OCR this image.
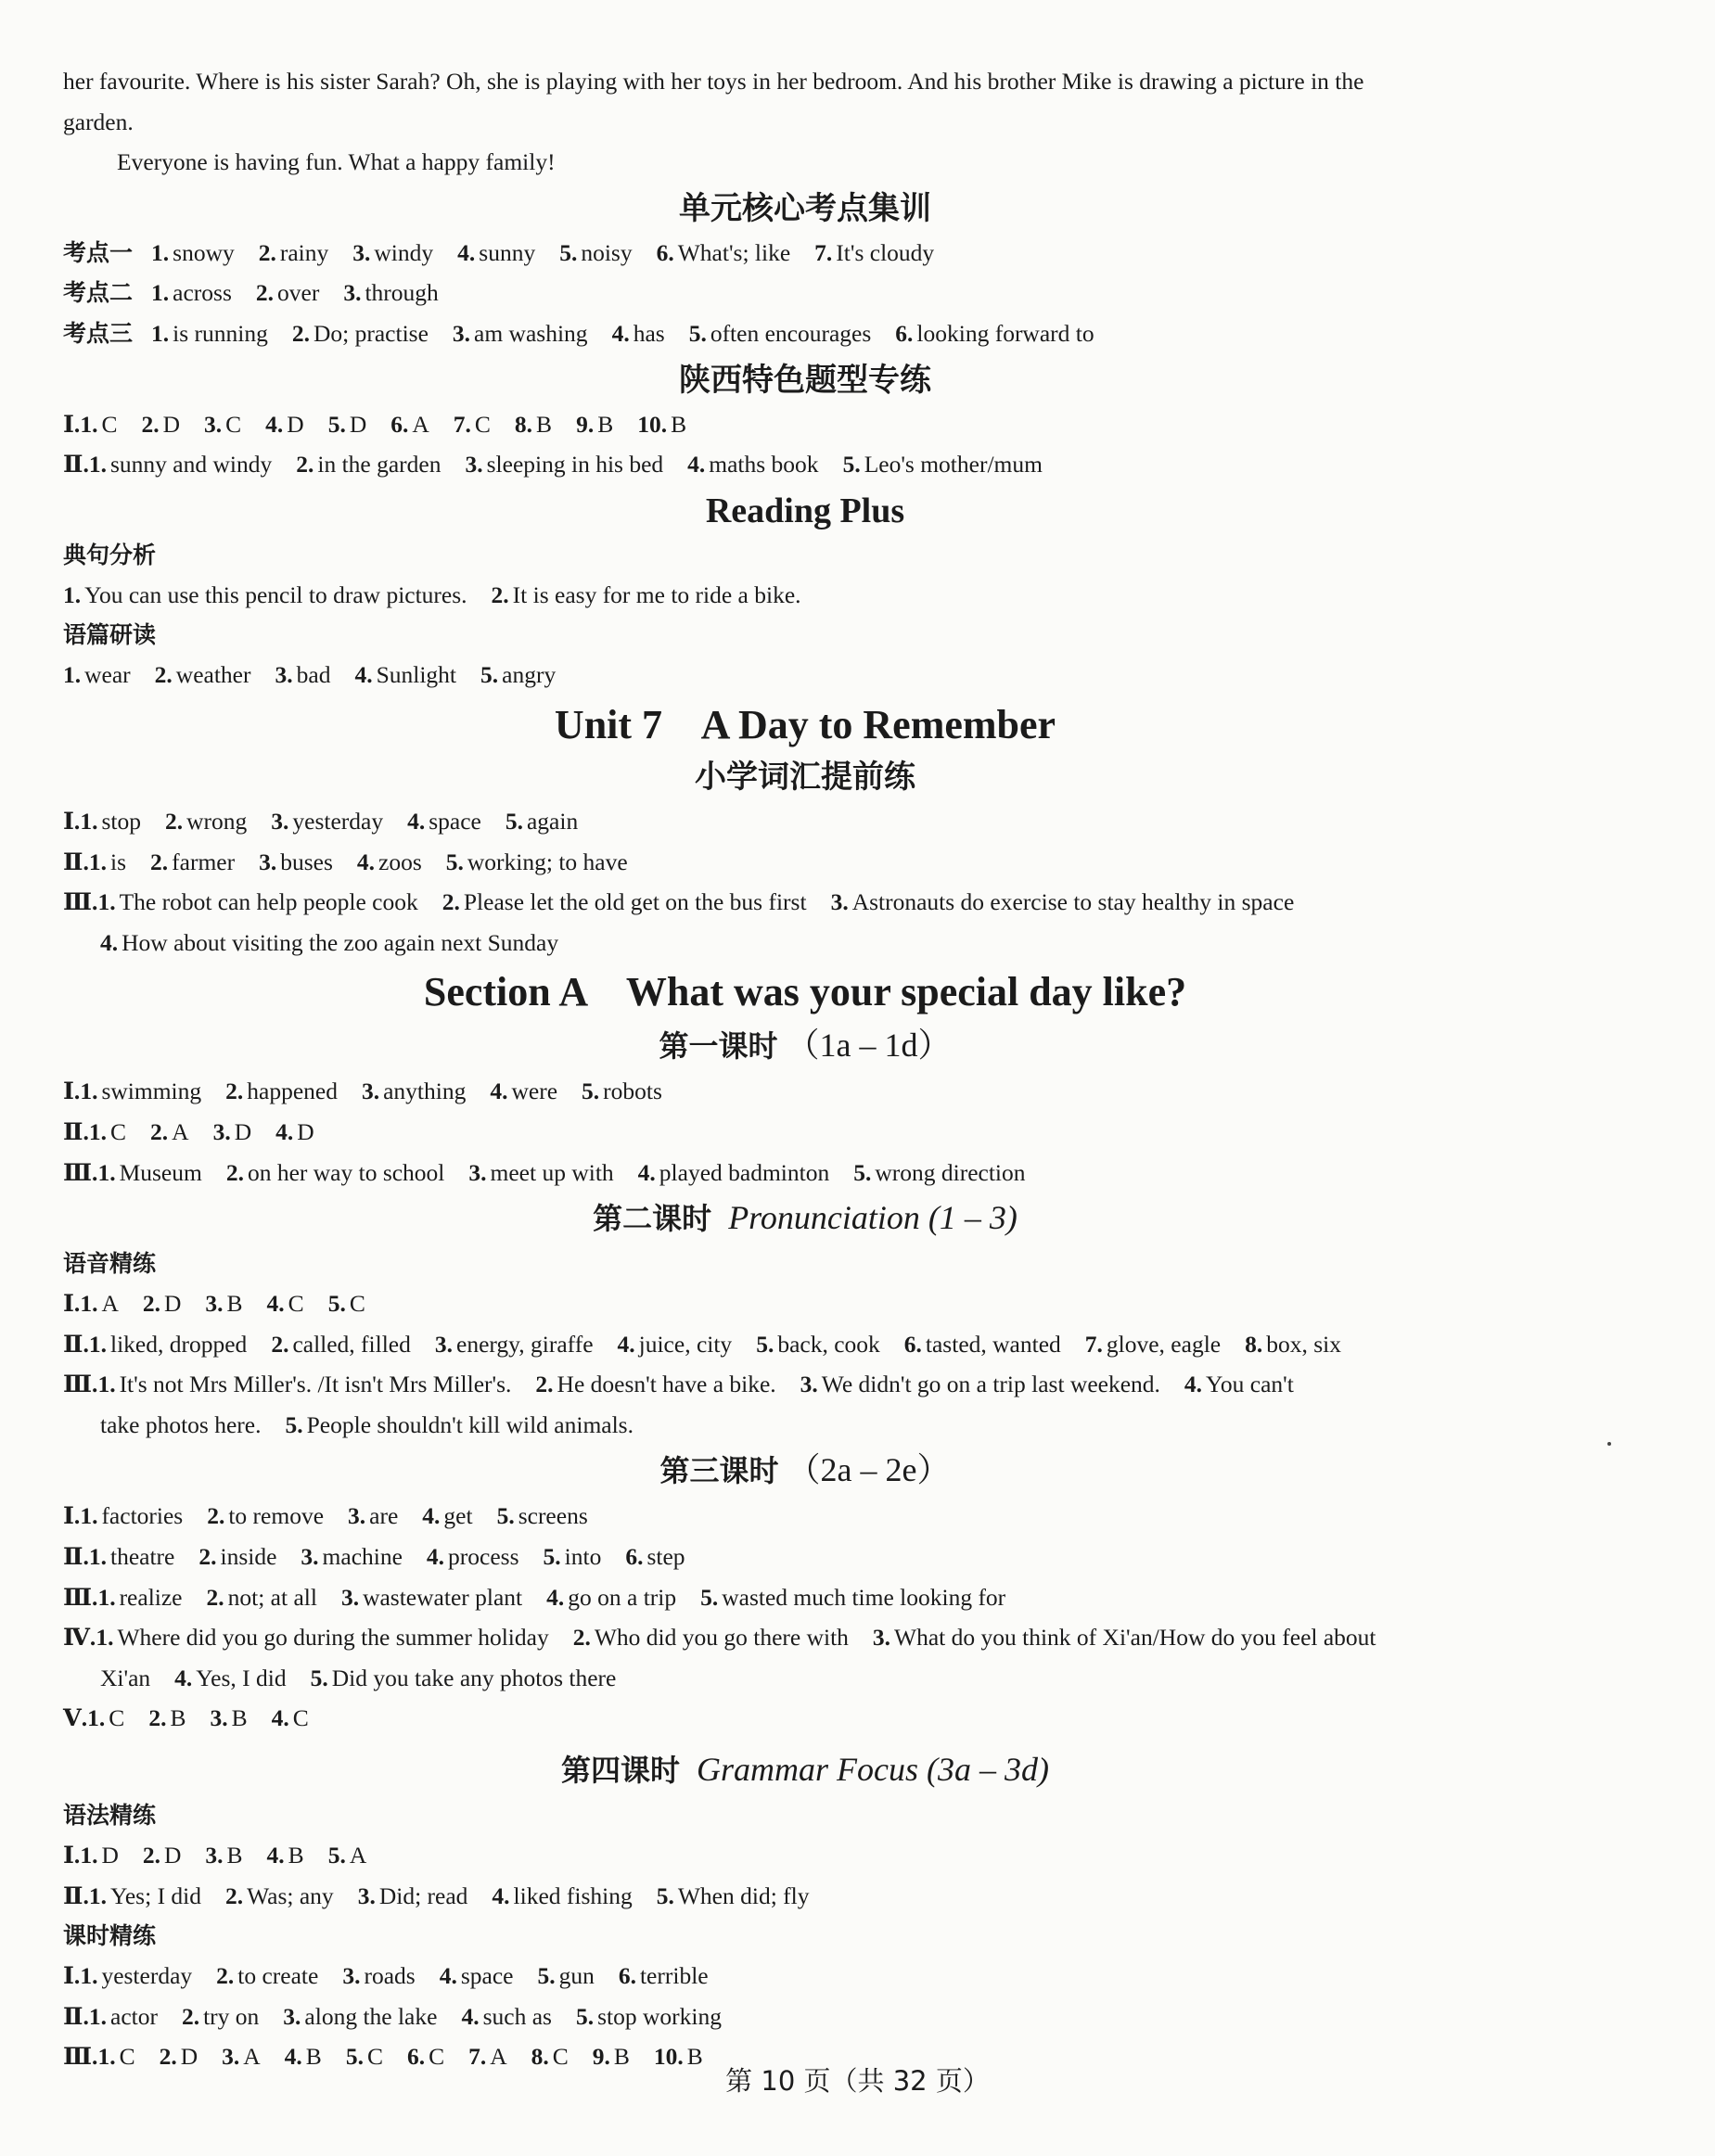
her favourite. Where is his sister Sarah? Oh, she is playing with her toys in her bedroom. And his brother Mike is drawing a picture in the

garden.

Everyone is having fun. What a happy family!

单元核心考点集训

考点一 1. snowy 2. rainy 3. windy 4. sunny 5. noisy 6. What's; like 7. It's cloudy

考点二 1. across 2. over 3. through

考点三 1. is running 2. Do; practise 3. am washing 4. has 5. often encourages 6. looking forward to

陕西特色题型专练

Ⅰ.1. C 2. D 3. C 4. D 5. D 6. A 7. C 8. B 9. B 10. B

Ⅱ.1. sunny and windy 2. in the garden 3. sleeping in his bed 4. maths book 5. Leo's mother/mum

Reading Plus

典句分析

1. You can use this pencil to draw pictures. 2. It is easy for me to ride a bike.

语篇研读

1. wear 2. weather 3. bad 4. Sunlight 5. angry

Unit 7    A Day to Remember

小学词汇提前练

Ⅰ.1. stop 2. wrong 3. yesterday 4. space 5. again

Ⅱ.1. is 2. farmer 3. buses 4. zoos 5. working; to have

Ⅲ.1. The robot can help people cook 2. Please let the old get on the bus first 3. Astronauts do exercise to stay healthy in space

4. How about visiting the zoo again next Sunday

Section A    What was your special day like?

第一课时 （1a – 1d）

Ⅰ.1. swimming 2. happened 3. anything 4. were 5. robots

Ⅱ.1. C 2. A 3. D 4. D

Ⅲ.1. Museum 2. on her way to school 3. meet up with 4. played badminton 5. wrong direction

第二课时 Pronunciation (1 – 3)

语音精练

Ⅰ.1. A 2. D 3. B 4. C 5. C

Ⅱ.1. liked, dropped 2. called, filled 3. energy, giraffe 4. juice, city 5. back, cook 6. tasted, wanted 7. glove, eagle 8. box, six

Ⅲ.1. It's not Mrs Miller's. /It isn't Mrs Miller's. 2. He doesn't have a bike. 3. We didn't go on a trip last weekend. 4. You can't

take photos here. 5. People shouldn't kill wild animals.

第三课时 （2a – 2e）

Ⅰ.1. factories 2. to remove 3. are 4. get 5. screens

Ⅱ.1. theatre 2. inside 3. machine 4. process 5. into 6. step

Ⅲ.1. realize 2. not; at all 3. wastewater plant 4. go on a trip 5. wasted much time looking for

Ⅳ.1. Where did you go during the summer holiday 2. Who did you go there with 3. What do you think of Xi'an/How do you feel about

Xi'an 4. Yes, I did 5. Did you take any photos there

Ⅴ.1. C 2. B 3. B 4. C

第四课时 Grammar Focus (3a – 3d)

语法精练

Ⅰ.1. D 2. D 3. B 4. B 5. A

Ⅱ.1. Yes; I did 2. Was; any 3. Did; read 4. liked fishing 5. When did; fly

课时精练

Ⅰ.1. yesterday 2. to create 3. roads 4. space 5. gun 6. terrible

Ⅱ.1. actor 2. try on 3. along the lake 4. such as 5. stop working

Ⅲ.1. C 2. D 3. A 4. B 5. C 6. C 7. A 8. C 9. B 10. B

第 10 页（共 32 页）
